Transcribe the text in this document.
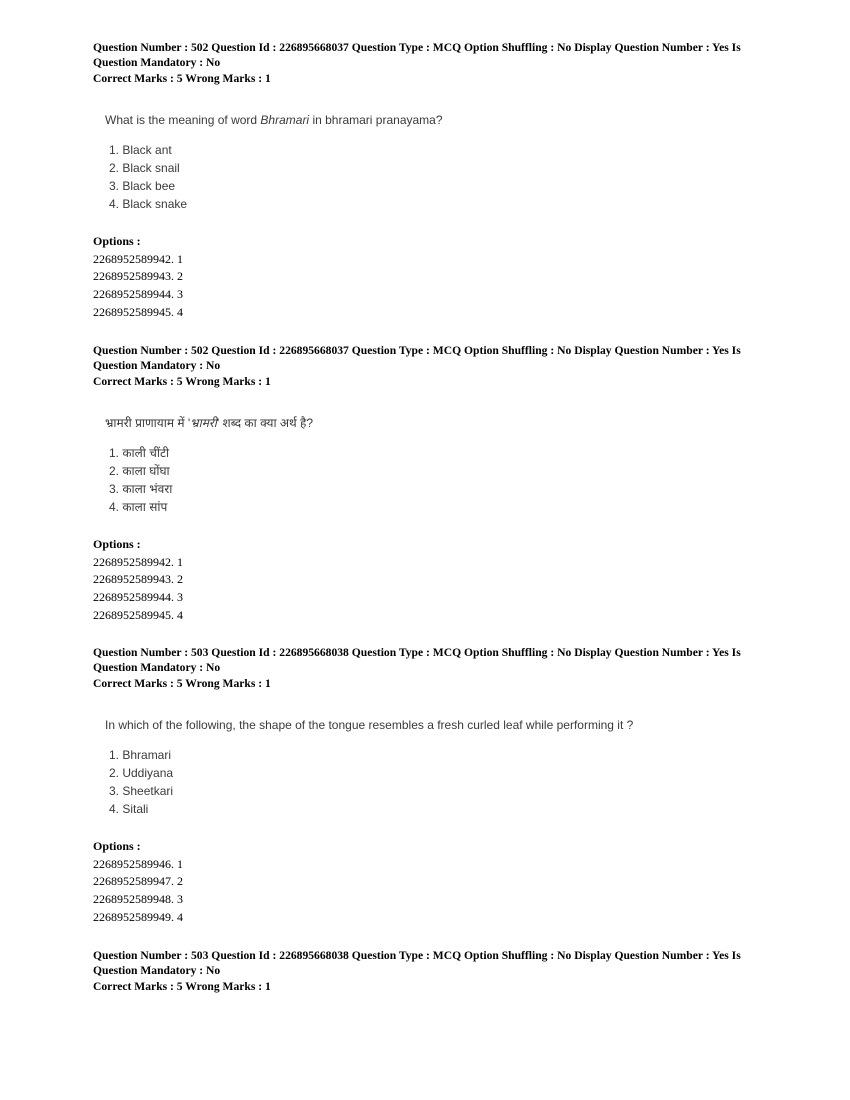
Question Number : 502 Question Id : 226895668037 Question Type : MCQ Option Shuffling : No Display Question Number : Yes Is
Question Mandatory : No
Correct Marks : 5 Wrong Marks : 1
What is the meaning of word Bhramari in bhramari pranayama?
1. Black ant
2. Black snail
3. Black bee
4. Black snake
Options :
2268952589942. 1
2268952589943. 2
2268952589944. 3
2268952589945. 4
Question Number : 502 Question Id : 226895668037 Question Type : MCQ Option Shuffling : No Display Question Number : Yes Is
Question Mandatory : No
Correct Marks : 5 Wrong Marks : 1
भ्रामरी प्राणायाम में 'भ्रामरी' शब्द का क्या अर्थ है?
1. काली चींटी
2. काला घोंघा
3. काला भंवरा
4. काला सांप
Options :
2268952589942. 1
2268952589943. 2
2268952589944. 3
2268952589945. 4
Question Number : 503 Question Id : 226895668038 Question Type : MCQ Option Shuffling : No Display Question Number : Yes Is
Question Mandatory : No
Correct Marks : 5 Wrong Marks : 1
In which of the following, the shape of the tongue resembles a fresh curled leaf while performing it ?
1. Bhramari
2. Uddiyana
3. Sheetkari
4. Sitali
Options :
2268952589946. 1
2268952589947. 2
2268952589948. 3
2268952589949. 4
Question Number : 503 Question Id : 226895668038 Question Type : MCQ Option Shuffling : No Display Question Number : Yes Is
Question Mandatory : No
Correct Marks : 5 Wrong Marks : 1
